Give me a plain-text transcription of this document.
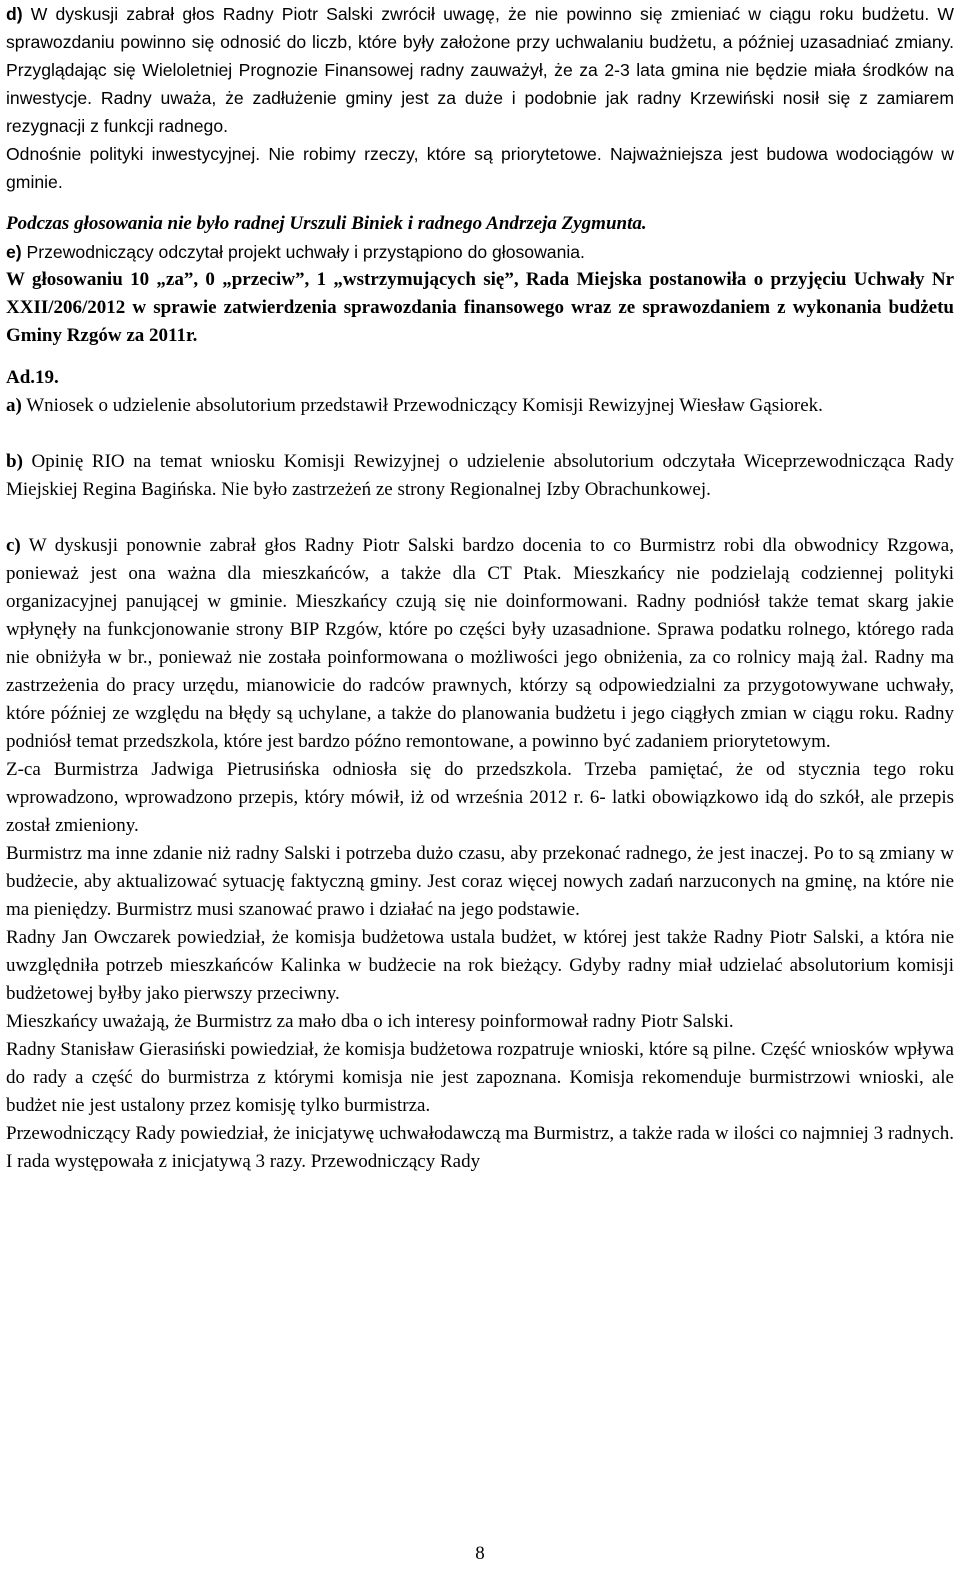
d) W dyskusji zabrał głos Radny Piotr Salski zwrócił uwagę, że nie powinno się zmieniać w ciągu roku budżetu. W sprawozdaniu powinno się odnosić do liczb, które były założone przy uchwalaniu budżetu, a później uzasadniać zmiany. Przyglądając się Wieloletniej Prognozie Finansowej radny zauważył, że za 2-3 lata gmina nie będzie miała środków na inwestycje. Radny uważa, że zadłużenie gminy jest za duże i podobnie jak radny Krzewiński nosił się z zamiarem rezygnacji z funkcji radnego.

Odnośnie polityki inwestycyjnej. Nie robimy rzeczy, które są priorytetowe. Najważniejsza jest budowa wodociągów w gminie.

Podczas głosowania nie było radnej Urszuli Biniek i radnego Andrzeja Zygmunta.

e) Przewodniczący odczytał projekt uchwały i przystąpiono do głosowania.

W głosowaniu 10 „za”, 0 „przeciw”, 1 „wstrzymujących się”, Rada Miejska postanowiła o przyjęciu Uchwały Nr XXII/206/2012 w sprawie zatwierdzenia sprawozdania finansowego wraz ze sprawozdaniem z wykonania budżetu Gminy Rzgów za 2011r.

Ad.19.

a) Wniosek o udzielenie absolutorium przedstawił Przewodniczący Komisji Rewizyjnej Wiesław Gąsiorek.

b) Opinię RIO na temat wniosku Komisji Rewizyjnej o udzielenie absolutorium odczytała Wiceprzewodnicząca Rady Miejskiej Regina Bagińska. Nie było zastrzeżeń ze strony Regionalnej Izby Obrachunkowej.

c) W dyskusji ponownie zabrał głos Radny Piotr Salski bardzo docenia to co Burmistrz robi dla obwodnicy Rzgowa, ponieważ jest ona ważna dla mieszkańców, a także dla CT Ptak. Mieszkańcy nie podzielają codziennej polityki organizacyjnej panującej w gminie. Mieszkańcy czują się nie doinformowani. Radny podniósł także temat skarg jakie wpłynęły na funkcjonowanie strony BIP Rzgów, które po części były uzasadnione. Sprawa podatku rolnego, którego rada nie obniżyła w br., ponieważ nie została poinformowana o możliwości jego obniżenia, za co rolnicy mają żal. Radny ma zastrzeżenia do pracy urzędu, mianowicie do radców prawnych, którzy są odpowiedzialni za przygotowywane uchwały, które później ze względu na błędy są uchylane, a także do planowania budżetu i jego ciągłych zmian w ciągu roku. Radny podniósł temat przedszkola, które jest bardzo późno remontowane, a powinno być zadaniem priorytetowym.

Z-ca Burmistrza Jadwiga Pietrusińska odniosła się do przedszkola. Trzeba pamiętać, że od stycznia tego roku wprowadzono, wprowadzono przepis, który mówił, iż od września 2012 r. 6- latki obowiązkowo idą do szkół, ale przepis został zmieniony.

Burmistrz ma inne zdanie niż radny Salski i potrzeba dużo czasu, aby przekonać radnego, że jest inaczej. Po to są zmiany w budżecie, aby aktualizować sytuację faktyczną gminy. Jest coraz więcej nowych zadań narzuconych na gminę, na które nie ma pieniędzy. Burmistrz musi szanować prawo i działać na jego podstawie.

Radny Jan Owczarek powiedział, że komisja budżetowa ustala budżet, w której jest także Radny Piotr Salski, a która nie uwzględniła potrzeb mieszkańców Kalinka w budżecie na rok bieżący. Gdyby radny miał udzielać absolutorium komisji budżetowej byłby jako pierwszy przeciwny.

Mieszkańcy uważają, że Burmistrz za mało dba o ich interesy poinformował radny Piotr Salski.

Radny Stanisław Gierasiński powiedział, że komisja budżetowa rozpatruje wnioski, które są pilne. Część wniosków wpływa do rady a część do burmistrza z którymi komisja nie jest zapoznana. Komisja rekomenduje burmistrzowi wnioski, ale budżet nie jest ustalony przez komisję tylko burmistrza.

Przewodniczący Rady powiedział, że inicjatywę uchwałodawczą ma Burmistrz, a także rada w ilości co najmniej 3 radnych. I rada występowała z inicjatywą 3 razy. Przewodniczący Rady

8
